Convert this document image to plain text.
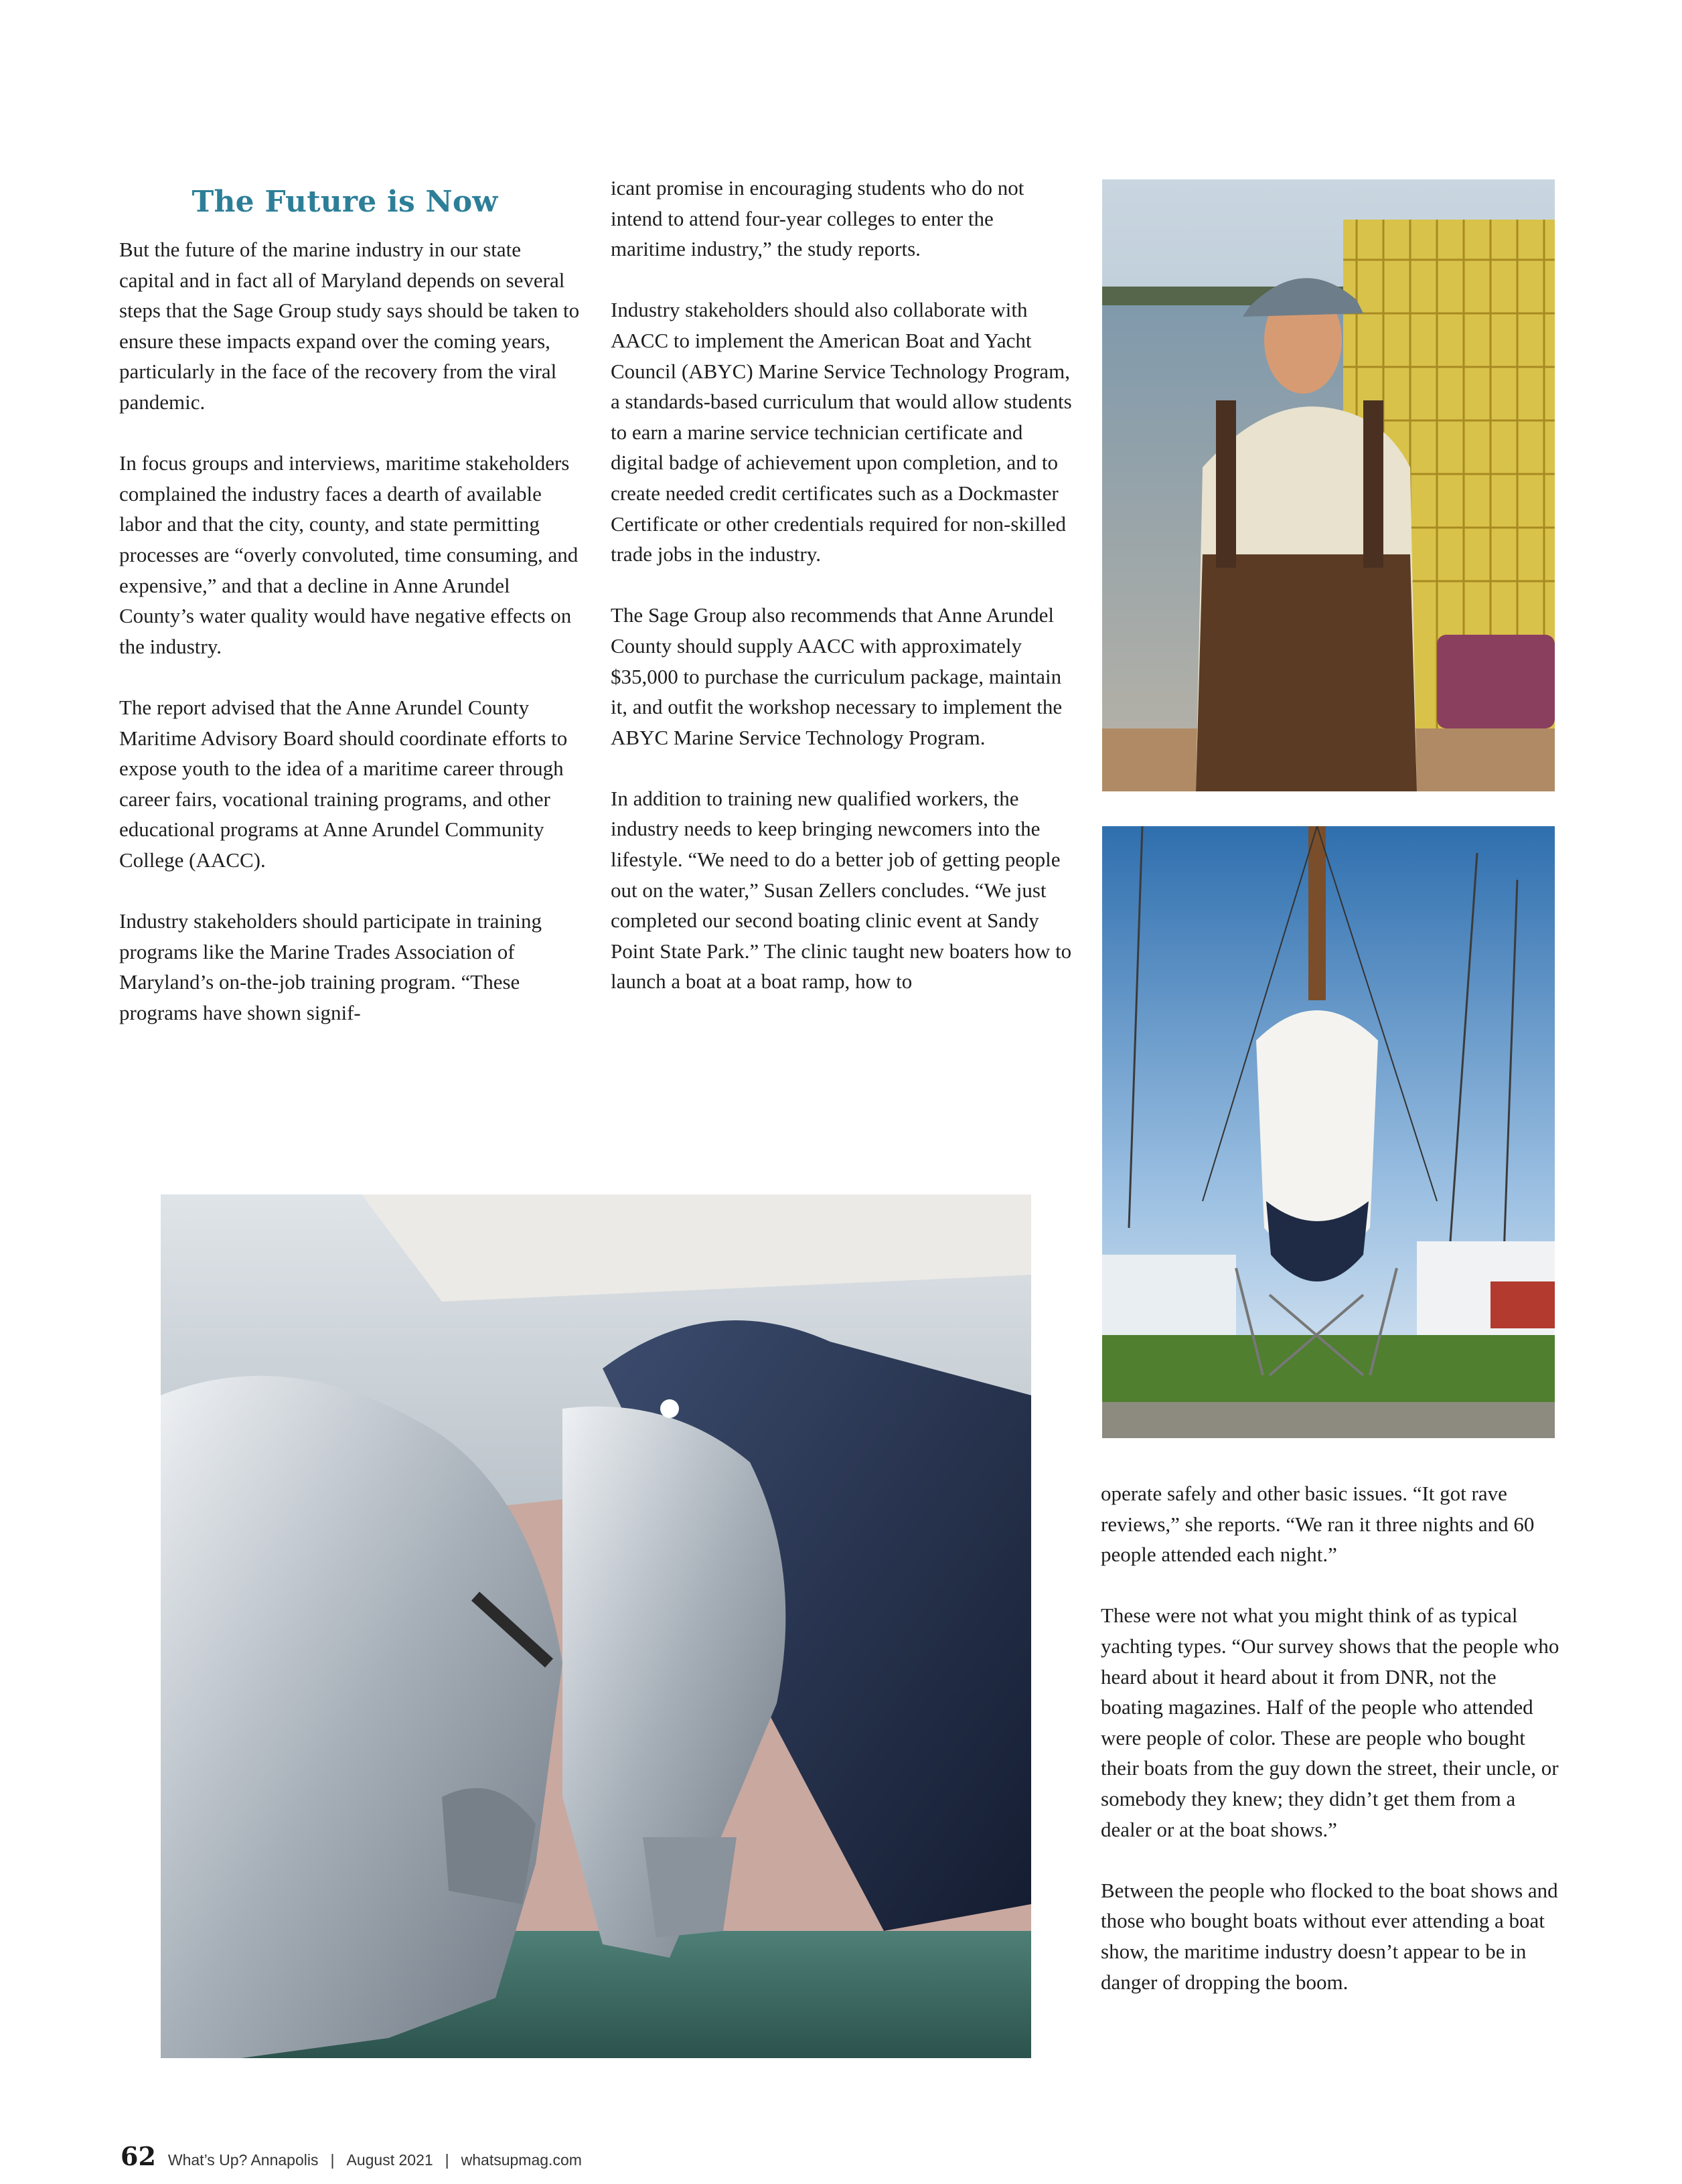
The Future is Now

But the future of the marine industry in our state capital and in fact all of Maryland depends on several steps that the Sage Group study says should be taken to ensure these impacts expand over the coming years, particularly in the face of the recovery from the viral pandemic.

In focus groups and interviews, maritime stakeholders complained the industry faces a dearth of available labor and that the city, county, and state permitting processes are “overly convoluted, time consuming, and expensive,” and that a decline in Anne Arundel County’s water quality would have negative effects on the industry.

The report advised that the Anne Arundel County Maritime Advisory Board should coordinate efforts to expose youth to the idea of a maritime career through career fairs, vocational training programs, and other educational programs at Anne Arundel Community College (AACC).

Industry stakeholders should participate in training programs like the Marine Trades Association of Maryland’s on-the-job training program. “These programs have shown signif-

icant promise in encouraging students who do not intend to attend four-year colleges to enter the maritime industry,” the study reports.

Industry stakeholders should also collaborate with AACC to implement the American Boat and Yacht Council (ABYC) Marine Service Technology Program, a standards-based curriculum that would allow students to earn a marine service technician certificate and digital badge of achievement upon completion, and to create needed credit certificates such as a Dockmaster Certificate or other credentials required for non-skilled trade jobs in the industry.

The Sage Group also recommends that Anne Arundel County should supply AACC with approximately $35,000 to purchase the curriculum package, maintain it, and outfit the workshop necessary to implement the ABYC Marine Service Technology Program.

In addition to training new qualified workers, the industry needs to keep bringing newcomers into the lifestyle. “We need to do a better job of getting people out on the water,” Susan Zellers concludes. “We just completed our second boating clinic event at Sandy Point State Park.” The clinic taught new boaters how to launch a boat at a boat ramp, how to

operate safely and other basic issues. “It got rave reviews,” she reports. “We ran it three nights and 60 people attended each night.”

These were not what you might think of as typical yachting types. “Our survey shows that the people who heard about it heard about it from DNR, not the boating magazines. Half of the people who attended were people of color. These are people who bought their boats from the guy down the street, their uncle, or somebody they knew; they didn’t get them from a dealer or at the boat shows.”

Between the people who flocked to the boat shows and those who bought boats without ever attending a boat show, the maritime industry doesn’t appear to be in danger of dropping the boom.

62 What’s Up? Annapolis | August 2021 | whatsupmag.com
